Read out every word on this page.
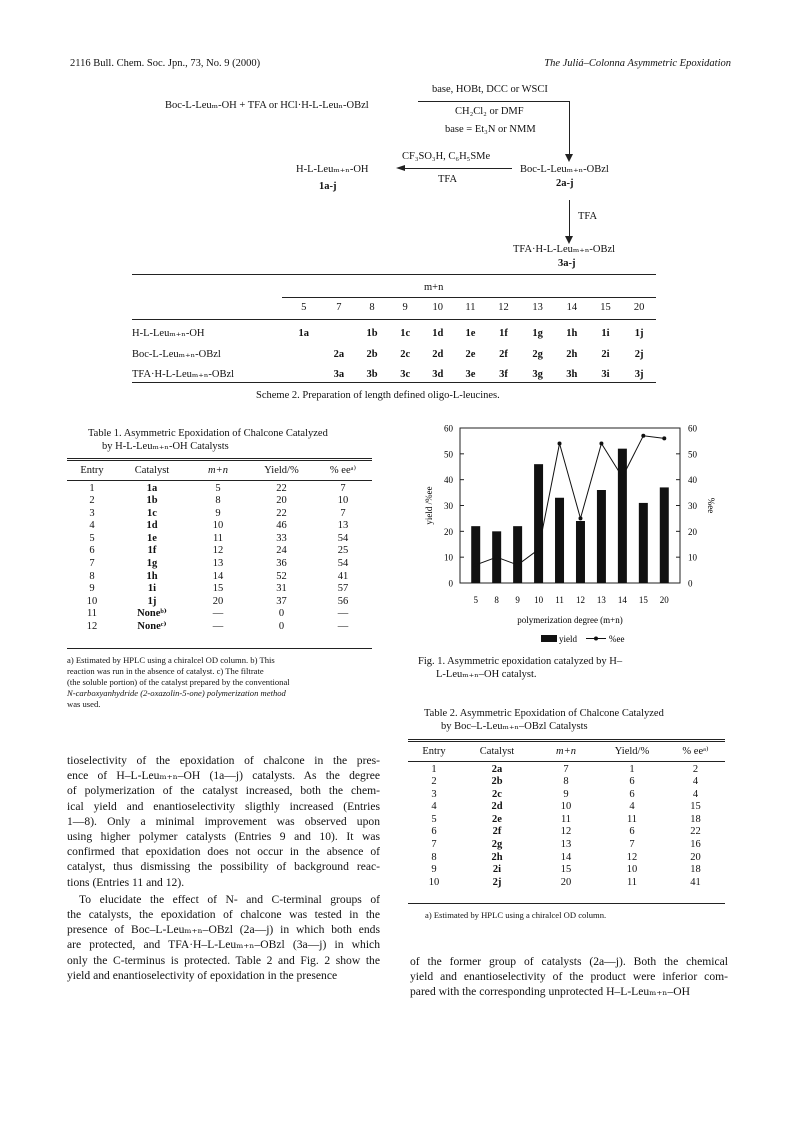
2116 Bull. Chem. Soc. Jpn., 73, No. 9 (2000)	The Juliá–Colonna Asymmetric Epoxidation
Boc-L-Leuₘ-OH + TFA or HCl·H-L-Leuₙ-OBzl
base, HOBt, DCC or WSCI
CH₂Cl₂ or DMF
base = Et₃N or NMM
Boc-L-Leuₘ₊ₙ-OBzl
2a-j
CF₃SO₃H, C₆H₅SMe
TFA
H-L-Leuₘ₊ₙ-OH
1a-j
TFA
TFA·H-L-Leuₘ₊ₙ-OBzl
3a-j
m+n
	5	7	8	9	10	11	12	13	14	15	20

H-L-Leuₘ₊ₙ-OH	1a		1b	1c	1d	1e	1f	1g	1h	1i	1j
Boc-L-Leuₘ₊ₙ-OBzl		2a	2b	2c	2d	2e	2f	2g	2h	2i	2j
TFA·H-L-Leuₘ₊ₙ-OBzl		3a	3b	3c	3d	3e	3f	3g	3h	3i	3j
Scheme 2. Preparation of length defined oligo-L-leucines.
Table 1. Asymmetric Epoxidation of Chalcone Catalyzed
by H-L-Leuₘ₊ₙ-OH Catalysts
Entry	Catalyst	m+n	Yield/%	% eeᵃ⁾

1	1a	5	22	7
2	1b	8	20	10
3	1c	9	22	7
4	1d	10	46	13
5	1e	11	33	54
6	1f	12	24	25
7	1g	13	36	54
8	1h	14	52	41
9	1i	15	31	57
10	1j	20	37	56
11	Noneᵇ⁾	—	0	—
12	Noneᶜ⁾	—	0	—
a) Estimated by HPLC using a chiralcel OD column. b) This
reaction was run in the absence of catalyst. c) The filtrate
(the soluble portion) of the catalyst prepared by the conventional
N-carboxyanhydride (2-oxazolin-5-one) polymerization method
was used.
0	0
10	10
20	20
30	30
40	40
50	50
60	60
5 8 9 10 11 12 13 14 15 20
polymerization degree (m+n)
yield /%ee	%ee
yield	%ee
Fig. 1. Asymmetric epoxidation catalyzed by H–
L-Leuₘ₊ₙ–OH catalyst.
Table 2. Asymmetric Epoxidation of Chalcone Catalyzed
by Boc–L-Leuₘ₊ₙ–OBzl Catalysts
Entry	Catalyst	m+n	Yield/%	% eeᵃ⁾

1	2a	7	1	2
2	2b	8	6	4
3	2c	9	6	4
4	2d	10	4	15
5	2e	11	11	18
6	2f	12	6	22
7	2g	13	7	16
8	2h	14	12	20
9	2i	15	10	18
10	2j	20	11	41
a) Estimated by HPLC using a chiralcel OD column.
tioselectivity of the epoxidation of chalcone in the pres-
ence of H–L-Leuₘ₊ₙ–OH (1a—j) catalysts. As the degree
of polymerization of the catalyst increased, both the chem-
ical yield and enantioselectivity sligthly increased (Entries
1—8). Only a minimal improvement was observed upon
using higher polymer catalysts (Entries 9 and 10). It was
confirmed that epoxidation does not occur in the absence of
catalyst, thus dismissing the possibility of background reac-
tions (Entries 11 and 12).
To elucidate the effect of N- and C-terminal groups of
the catalysts, the epoxidation of chalcone was tested in the
presence of Boc–L-Leuₘ₊ₙ–OBzl (2a—j) in which both ends
are protected, and TFA·H–L-Leuₘ₊ₙ–OBzl (3a—j) in which
only the C-terminus is protected. Table 2 and Fig. 2 show the
yield and enantioselectivity of epoxidation in the presence
of the former group of catalysts (2a—j). Both the chemical
yield and enantioselectivity of the product were inferior com-
pared with the corresponding unprotected H–L-Leuₘ₊ₙ–OH
